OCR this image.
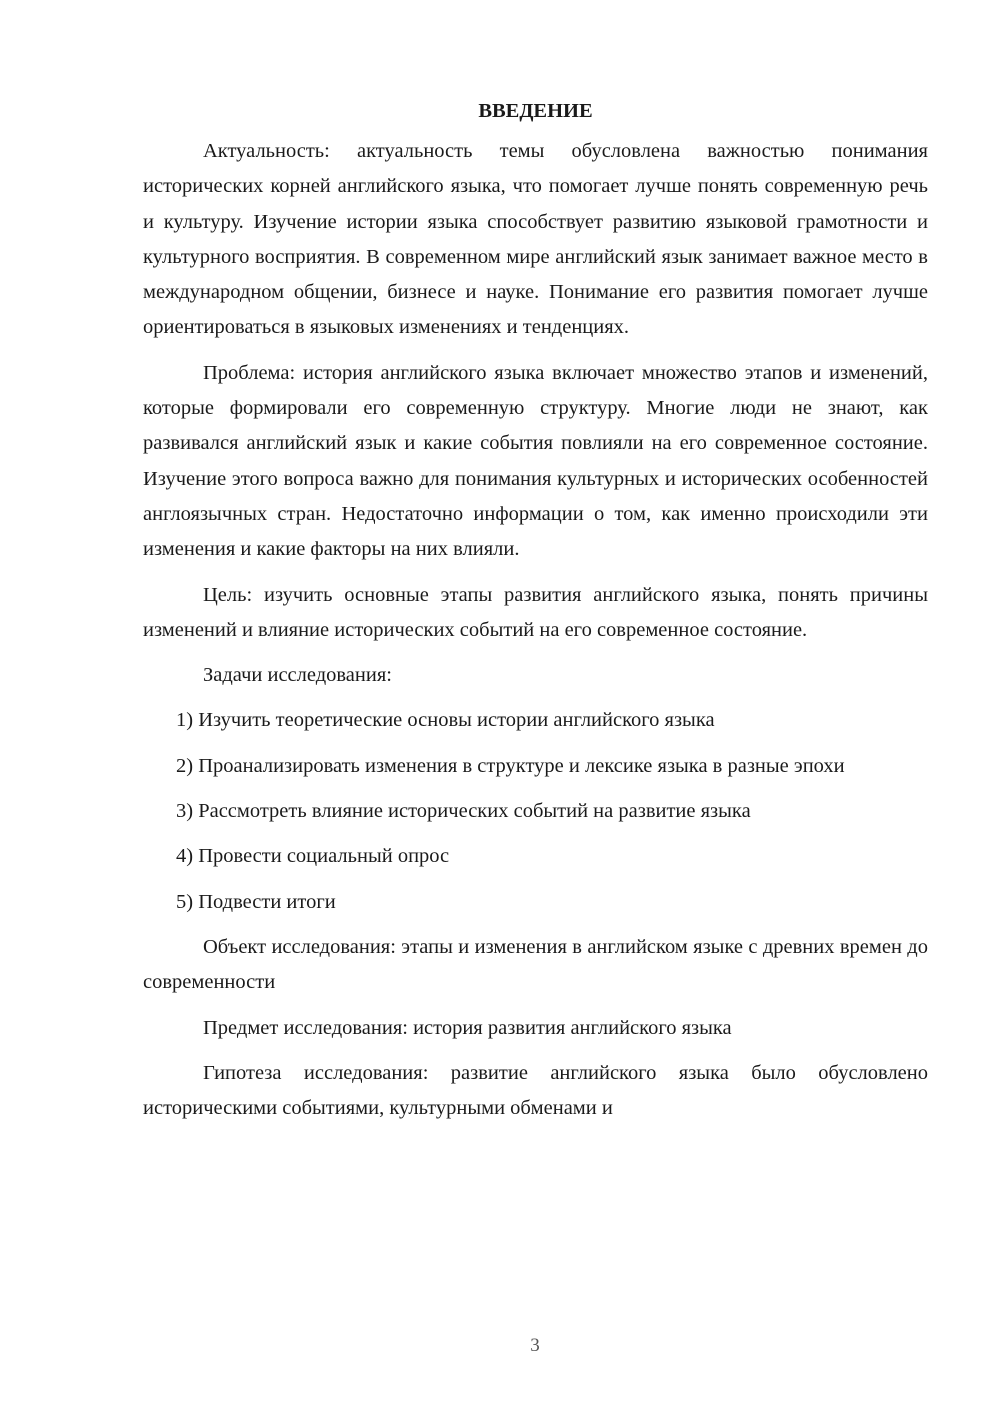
ВВЕДЕНИЕ

Актуальность: актуальность темы обусловлена важностью понимания исторических корней английского языка, что помогает лучше понять современную речь и культуру. Изучение истории языка способствует развитию языковой грамотности и культурного восприятия. В современном мире английский язык занимает важное место в международном общении, бизнесе и науке. Понимание его развития помогает лучше ориентироваться в языковых изменениях и тенденциях.

Проблема: история английского языка включает множество этапов и изменений, которые формировали его современную структуру. Многие люди не знают, как развивался английский язык и какие события повлияли на его современное состояние. Изучение этого вопроса важно для понимания культурных и исторических особенностей англоязычных стран. Недостаточно информации о том, как именно происходили эти изменения и какие факторы на них влияли.

Цель: изучить основные этапы развития английского языка, понять причины изменений и влияние исторических событий на его современное состояние.

Задачи исследования:

1) Изучить теоретические основы истории английского языка

2) Проанализировать изменения в структуре и лексике языка в разные эпохи

3) Рассмотреть влияние исторических событий на развитие языка

4) Провести социальный опрос

5) Подвести итоги

Объект исследования: этапы и изменения в английском языке с древних времен до современности

Предмет исследования: история развития английского языка

Гипотеза исследования: развитие английского языка было обусловлено историческими событиями, культурными обменами и

3
